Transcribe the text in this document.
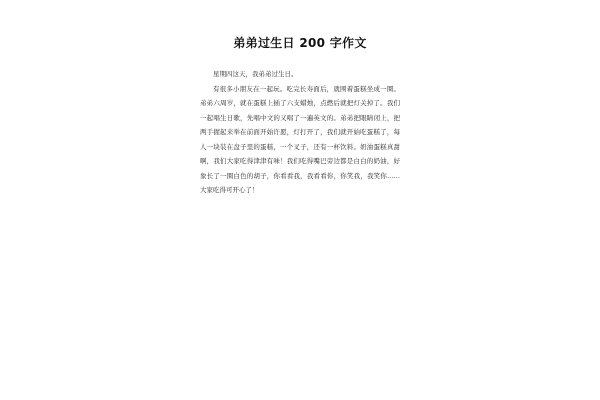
弟弟过生日 200 字作文

星期四这天，我弟弟过生日。

有很多小朋友在一起玩。吃完长寿面后，就围着蛋糕坐成一圈。弟弟六周岁，就在蛋糕上插了六支蜡烛，点燃后就把灯关掉了。我们一起唱生日歌，先唱中文的又唱了一遍英文的。弟弟把眼睛闭上，把两手握起来举在前面开始许愿，灯打开了，我们就开始吃蛋糕了，每人一块装在盘子里的蛋糕，一个叉子，还有一杯饮料。奶油蛋糕真甜啊，我们大家吃得津津有味！我们吃得嘴巴旁边都是白白的奶油，好象长了一圈白色的胡子，你看看我，我看看你，你笑我，我笑你……大家吃得可开心了！
